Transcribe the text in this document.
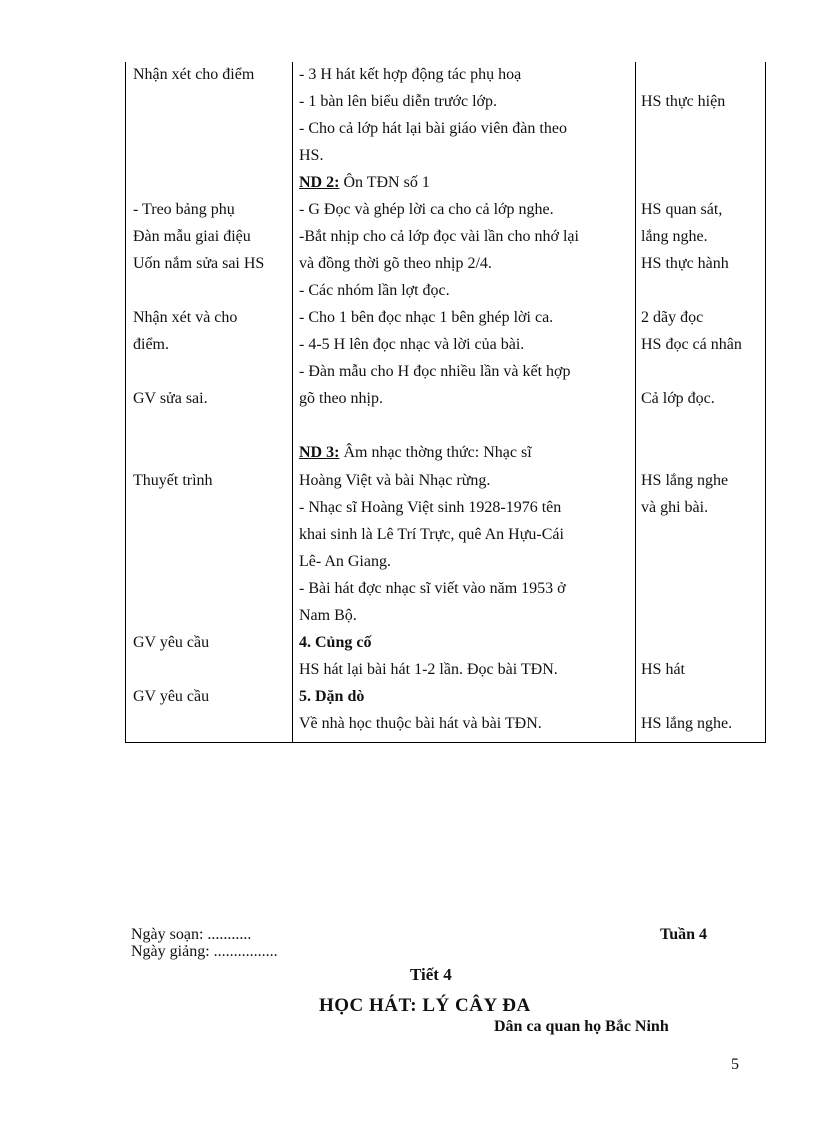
Nhận xét cho điểm
- Treo bảng phụ
Đàn mẫu giai điệu
Uốn nắm sửa sai HS
Nhận xét và cho
điểm.
GV sửa sai.
Thuyết trình
GV yêu cầu
GV yêu cầu
- 3 H hát kết hợp động tác phụ hoạ
- 1 bàn lên biểu diễn trước lớp.
- Cho cả lớp hát lại bài giáo viên đàn theo
HS.
ND 2: Ôn TĐN số 1
- G Đọc và ghép lời ca cho cả lớp nghe.
-Bắt nhịp cho cả lớp đọc vài lần cho nhớ lại
và đồng thời gõ theo nhịp 2/4.
- Các nhóm lần lợt đọc.
- Cho 1 bên đọc nhạc 1 bên ghép lời ca.
- 4-5 H lên đọc nhạc và lời của bài.
- Đàn mẫu cho H đọc nhiều lần và kết hợp
gõ theo nhịp.
ND 3: Âm nhạc thờng thức: Nhạc sĩ
Hoàng Việt và bài Nhạc rừng.
- Nhạc sĩ Hoàng Việt sinh 1928-1976 tên
khai sinh là Lê Trí Trực, quê An Hựu-Cái
Lê- An Giang.
- Bài hát đợc nhạc sĩ viết vào năm 1953 ở
Nam Bộ.
4. Củng cố
HS hát lại bài hát 1-2 lần. Đọc bài TĐN.
5. Dặn dò
Về nhà học thuộc bài hát và bài TĐN.
HS thực hiện
HS quan sát,
lắng nghe.
HS thực hành
2 dãy đọc
HS đọc cá nhân
Cả lớp đọc.
HS lắng nghe
và ghi bài.
HS hát
HS lắng nghe.
Ngày soạn: ...........
Ngày giảng: ................
Tuần 4
Tiết 4
HỌC HÁT: LÝ CÂY ĐA
Dân ca quan họ Bắc Ninh
5
